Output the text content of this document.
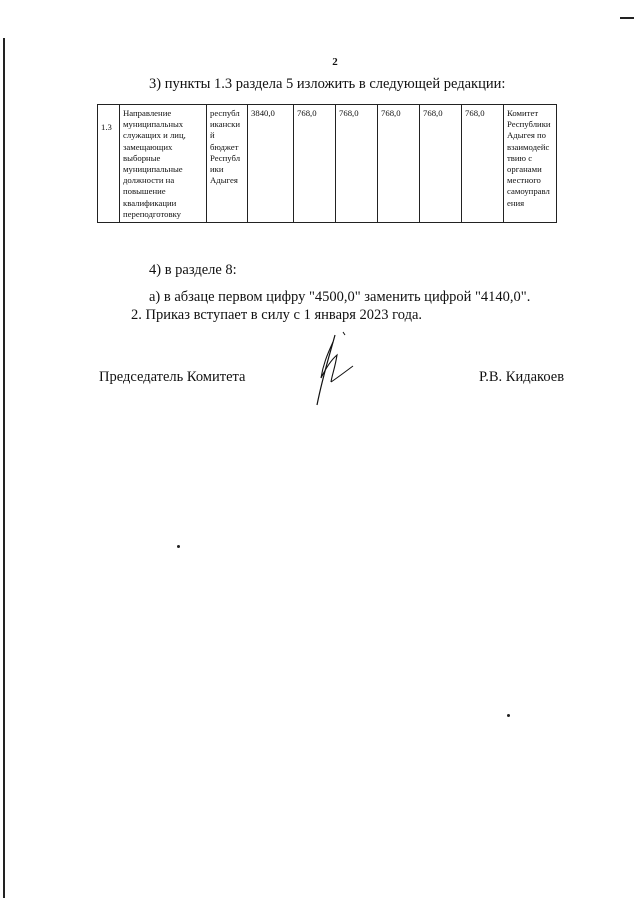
2
3) пункты 1.3 раздела 5 изложить в следующей редакции:
1.3	Направление муниципальных служащих и лиц, замещающих выборные муниципальные должности на повышение квалификации переподготовку	республиканский бюджет Республики Адыгея	3840,0	768,0	768,0	768,0	768,0	768,0	Комитет Республики Адыгея по взаимодействию с органами местного самоуправления
4) в разделе 8:
а) в абзаце первом цифру "4500,0" заменить цифрой "4140,0".
2. Приказ вступает в силу с 1 января 2023 года.
Председатель Комитета	Р.В. Кидакоев
